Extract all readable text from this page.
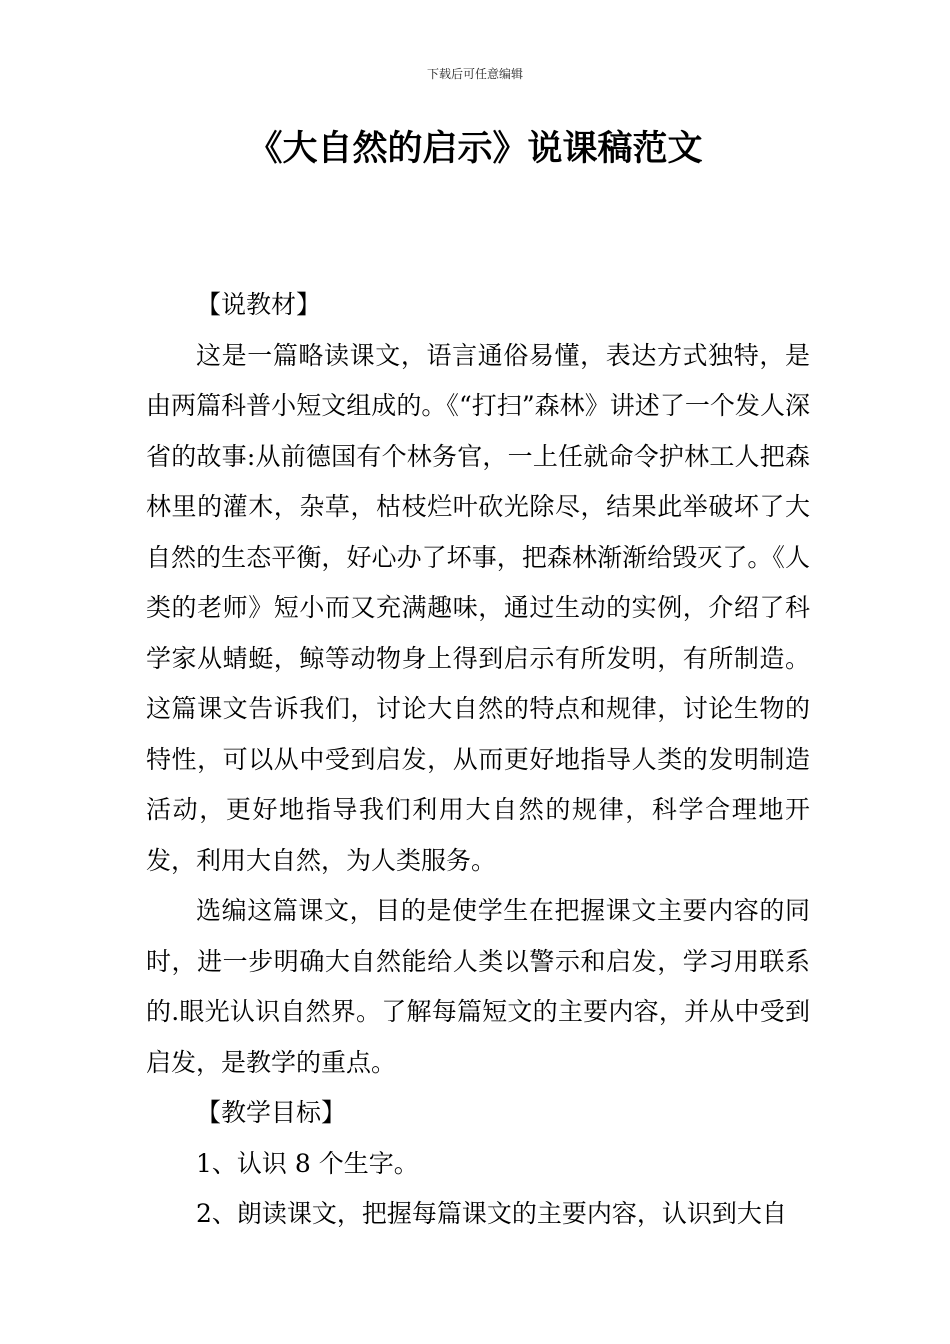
下载后可任意编辑
《大自然的启示》说课稿范文

【说教材】

这是一篇略读课文，语言通俗易懂，表达方式独特，是由两篇科普小短文组成的。《“打扫”森林》讲述了一个发人深省的故事:从前德国有个林务官，一上任就命令护林工人把森林里的灌木，杂草，枯枝烂叶砍光除尽，结果此举破坏了大自然的生态平衡，好心办了坏事，把森林渐渐给毁灭了。《人类的老师》短小而又充满趣味，通过生动的实例，介绍了科学家从蜻蜓，鲸等动物身上得到启示有所发明，有所制造。这篇课文告诉我们，讨论大自然的特点和规律，讨论生物的特性，可以从中受到启发，从而更好地指导人类的发明制造活动，更好地指导我们利用大自然的规律，科学合理地开发，利用大自然，为人类服务。

选编这篇课文，目的是使学生在把握课文主要内容的同时，进一步明确大自然能给人类以警示和启发，学习用联系的.眼光认识自然界。了解每篇短文的主要内容，并从中受到启发，是教学的重点。

【教学目标】

1、认识 8 个生字。

2、朗读课文，把握每篇课文的主要内容，认识到大自
